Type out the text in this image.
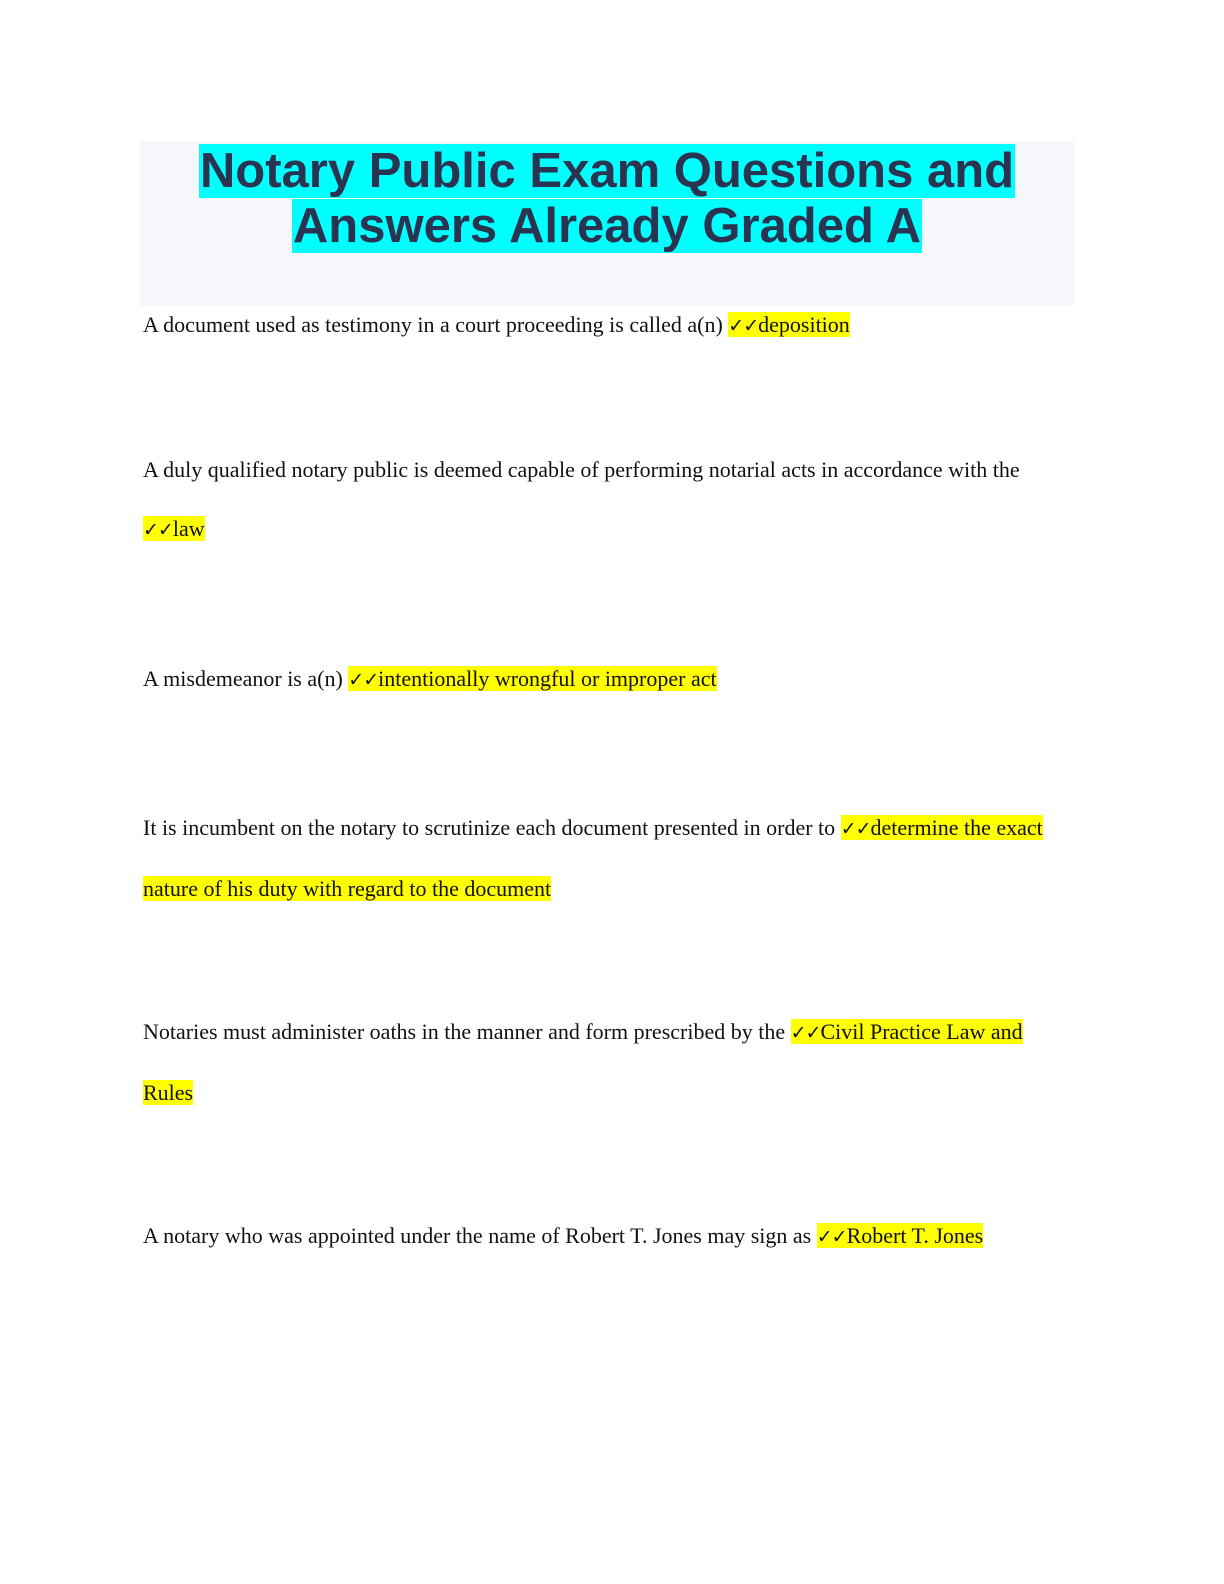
Notary Public Exam Questions and
Answers Already Graded A

A document used as testimony in a court proceeding is called a(n) ✓✓deposition

A duly qualified notary public is deemed capable of performing notarial acts in accordance with the ✓✓law

A misdemeanor is a(n) ✓✓intentionally wrongful or improper act

It is incumbent on the notary to scrutinize each document presented in order to ✓✓determine the exact nature of his duty with regard to the document

Notaries must administer oaths in the manner and form prescribed by the ✓✓Civil Practice Law and Rules

A notary who was appointed under the name of Robert T. Jones may sign as ✓✓Robert T. Jones
